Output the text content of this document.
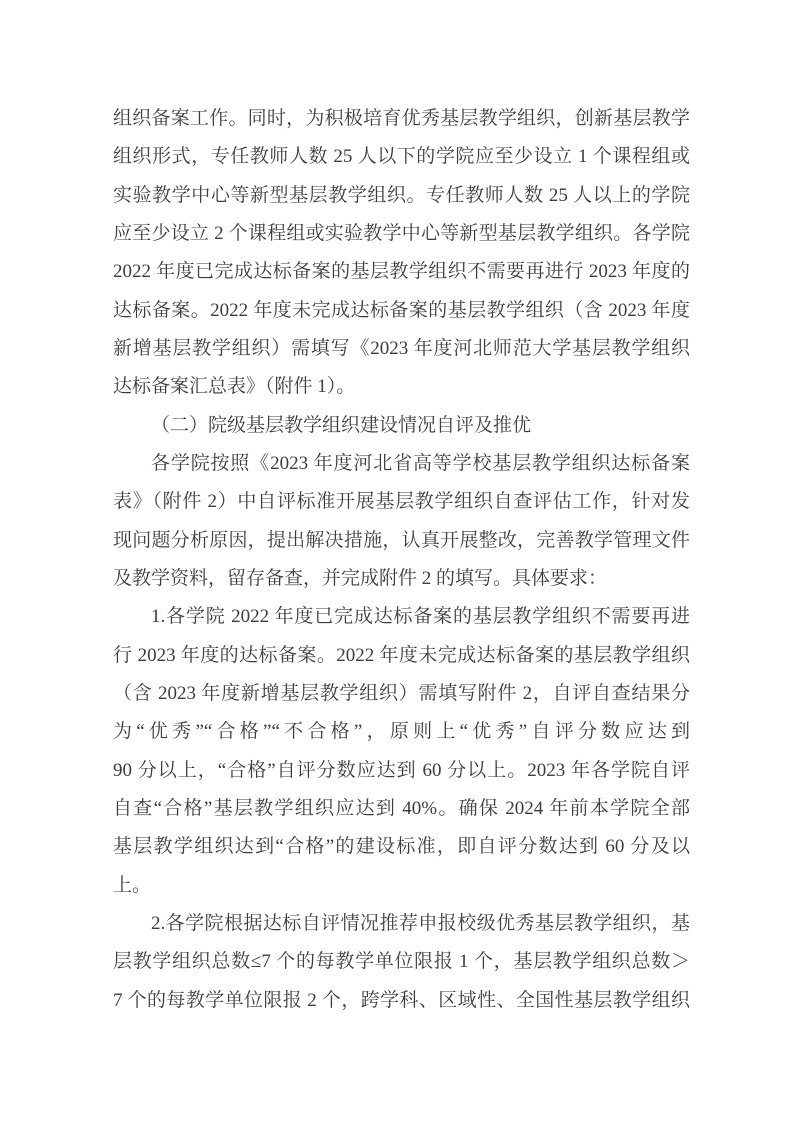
组织备案工作。同时，为积极培育优秀基层教学组织，创新基层教学
组织形式，专任教师人数 25 人以下的学院应至少设立 1 个课程组或
实验教学中心等新型基层教学组织。专任教师人数 25 人以上的学院
应至少设立 2 个课程组或实验教学中心等新型基层教学组织。各学院
2022 年度已完成达标备案的基层教学组织不需要再进行 2023 年度的
达标备案。2022 年度未完成达标备案的基层教学组织（含 2023 年度
新增基层教学组织）需填写《2023 年度河北师范大学基层教学组织
达标备案汇总表》（附件 1）。
（二）院级基层教学组织建设情况自评及推优
各学院按照《2023 年度河北省高等学校基层教学组织达标备案
表》（附件 2）中自评标准开展基层教学组织自查评估工作，针对发
现问题分析原因，提出解决措施，认真开展整改，完善教学管理文件
及教学资料，留存备查，并完成附件 2 的填写。具体要求：
1.各学院 2022 年度已完成达标备案的基层教学组织不需要再进
行 2023 年度的达标备案。2022 年度未完成达标备案的基层教学组织
（含 2023 年度新增基层教学组织）需填写附件 2，自评自查结果分
为“优秀”“合格”“不合格”，原则上“优秀”自评分数应达到
90 分以上，“合格”自评分数应达到 60 分以上。2023 年各学院自评
自查“合格”基层教学组织应达到 40%。确保 2024 年前本学院全部
基层教学组织达到“合格”的建设标准，即自评分数达到 60 分及以
上。
2.各学院根据达标自评情况推荐申报校级优秀基层教学组织，基
层教学组织总数≤7 个的每教学单位限报 1 个，基层教学组织总数＞
7 个的每教学单位限报 2 个，跨学科、区域性、全国性基层教学组织
